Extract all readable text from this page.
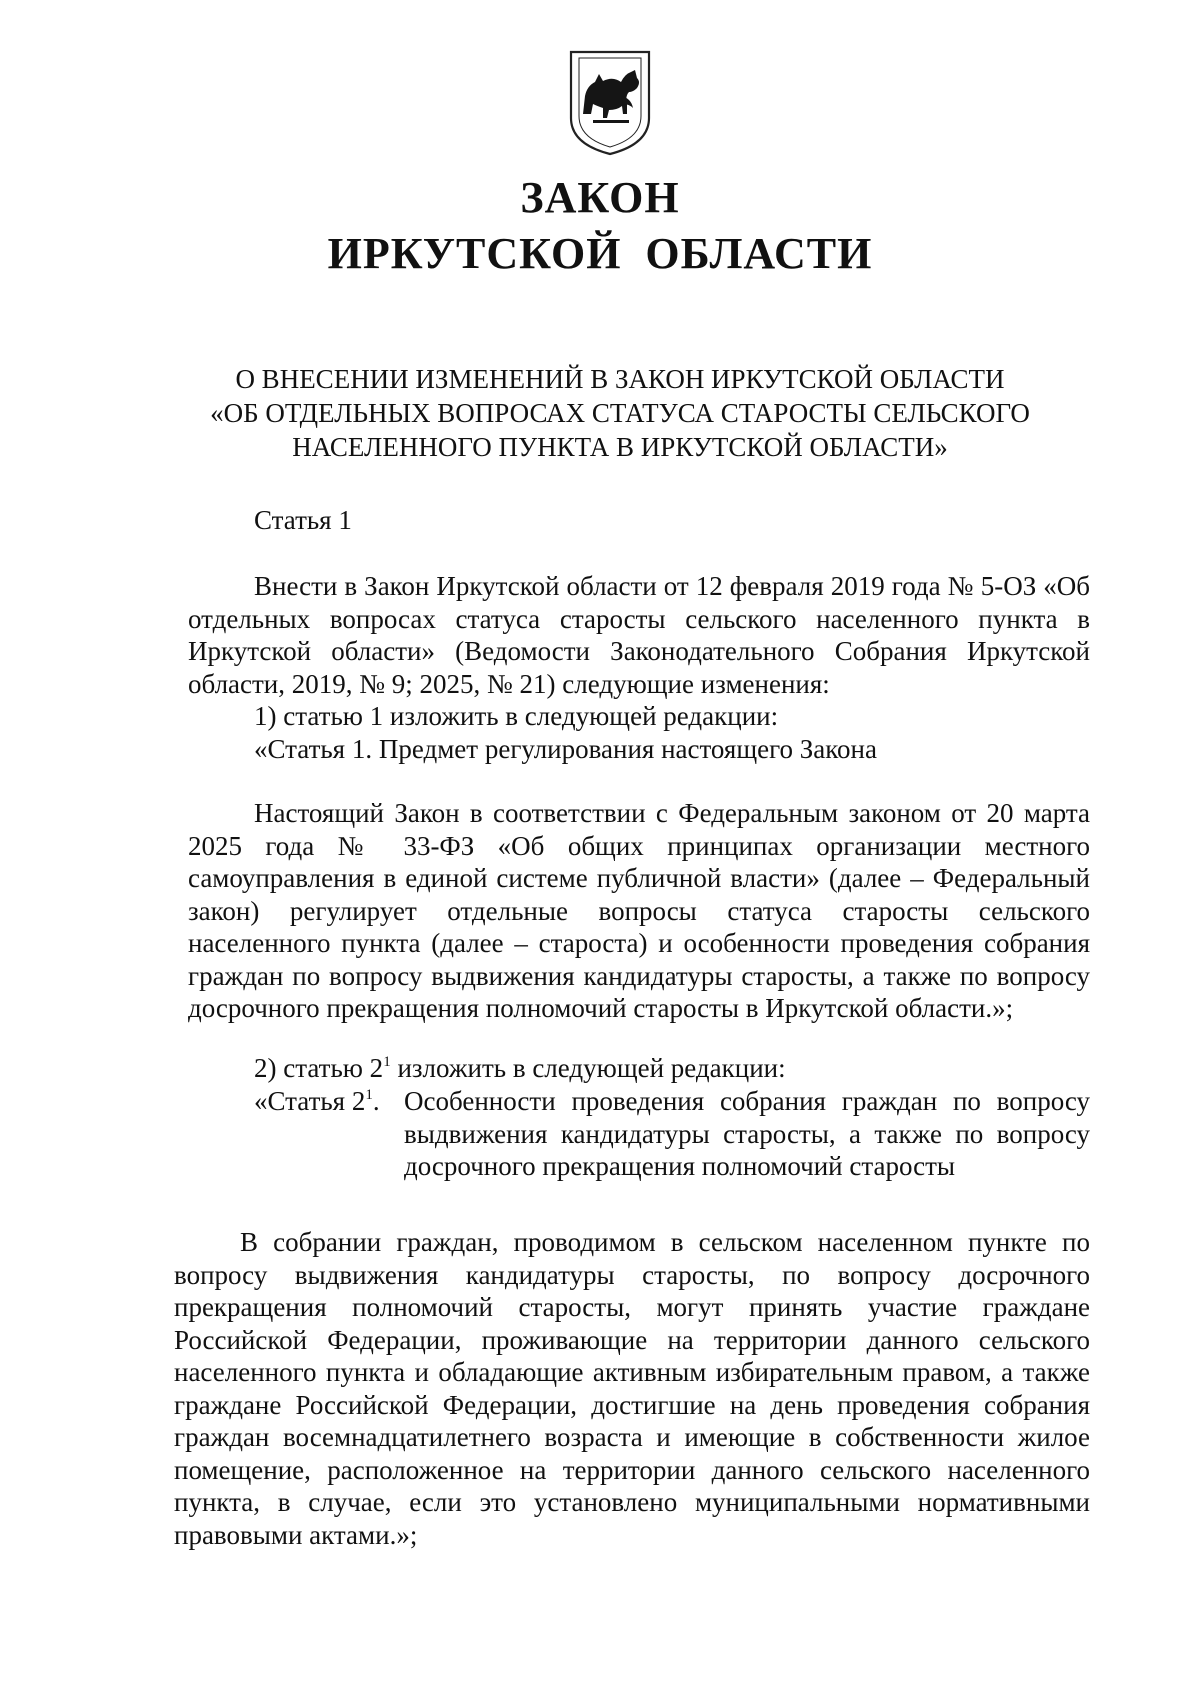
ЗАКОН
ИРКУТСКОЙ  ОБЛАСТИ
О ВНЕСЕНИИ ИЗМЕНЕНИЙ В ЗАКОН ИРКУТСКОЙ ОБЛАСТИ
«ОБ ОТДЕЛЬНЫХ ВОПРОСАХ СТАТУСА СТАРОСТЫ СЕЛЬСКОГО
НАСЕЛЕННОГО ПУНКТА В ИРКУТСКОЙ ОБЛАСТИ»
Статья 1

Внести в Закон Иркутской области от 12 февраля 2019 года № 5-ОЗ «Об отдельных вопросах статуса старосты сельского населенного пункта в Иркутской области» (Ведомости Законодательного Собрания Иркутской области, 2019, № 9; 2025, № 21) следующие изменения:

1) статью 1 изложить в следующей редакции:
«Статья 1. Предмет регулирования настоящего Закона

Настоящий Закон в соответствии с Федеральным законом от 20 марта 2025 года № 33-ФЗ «Об общих принципах организации местного самоуправления в единой системе публичной власти» (далее – Федеральный закон) регулирует отдельные вопросы статуса старосты сельского населенного пункта (далее – староста) и особенности проведения собрания граждан по вопросу выдвижения кандидатуры старосты, а также по вопросу досрочного прекращения полномочий старосты в Иркутской области.»;

2) статью $2^1$ изложить в следующей редакции:
«Статья $2^1$. Особенности проведения собрания граждан по вопросу выдвижения кандидатуры старосты, а также по вопросу досрочного прекращения полномочий старосты

В собрании граждан, проводимом в сельском населенном пункте по вопросу выдвижения кандидатуры старосты, по вопросу досрочного прекращения полномочий старосты, могут принять участие граждане Российской Федерации, проживающие на территории данного сельского населенного пункта и обладающие активным избирательным правом, а также граждане Российской Федерации, достигшие на день проведения собрания граждан восемнадцатилетнего возраста и имеющие в собственности жилое помещение, расположенное на территории данного сельского населенного пункта, в случае, если это установлено муниципальными нормативными правовыми актами.»;
